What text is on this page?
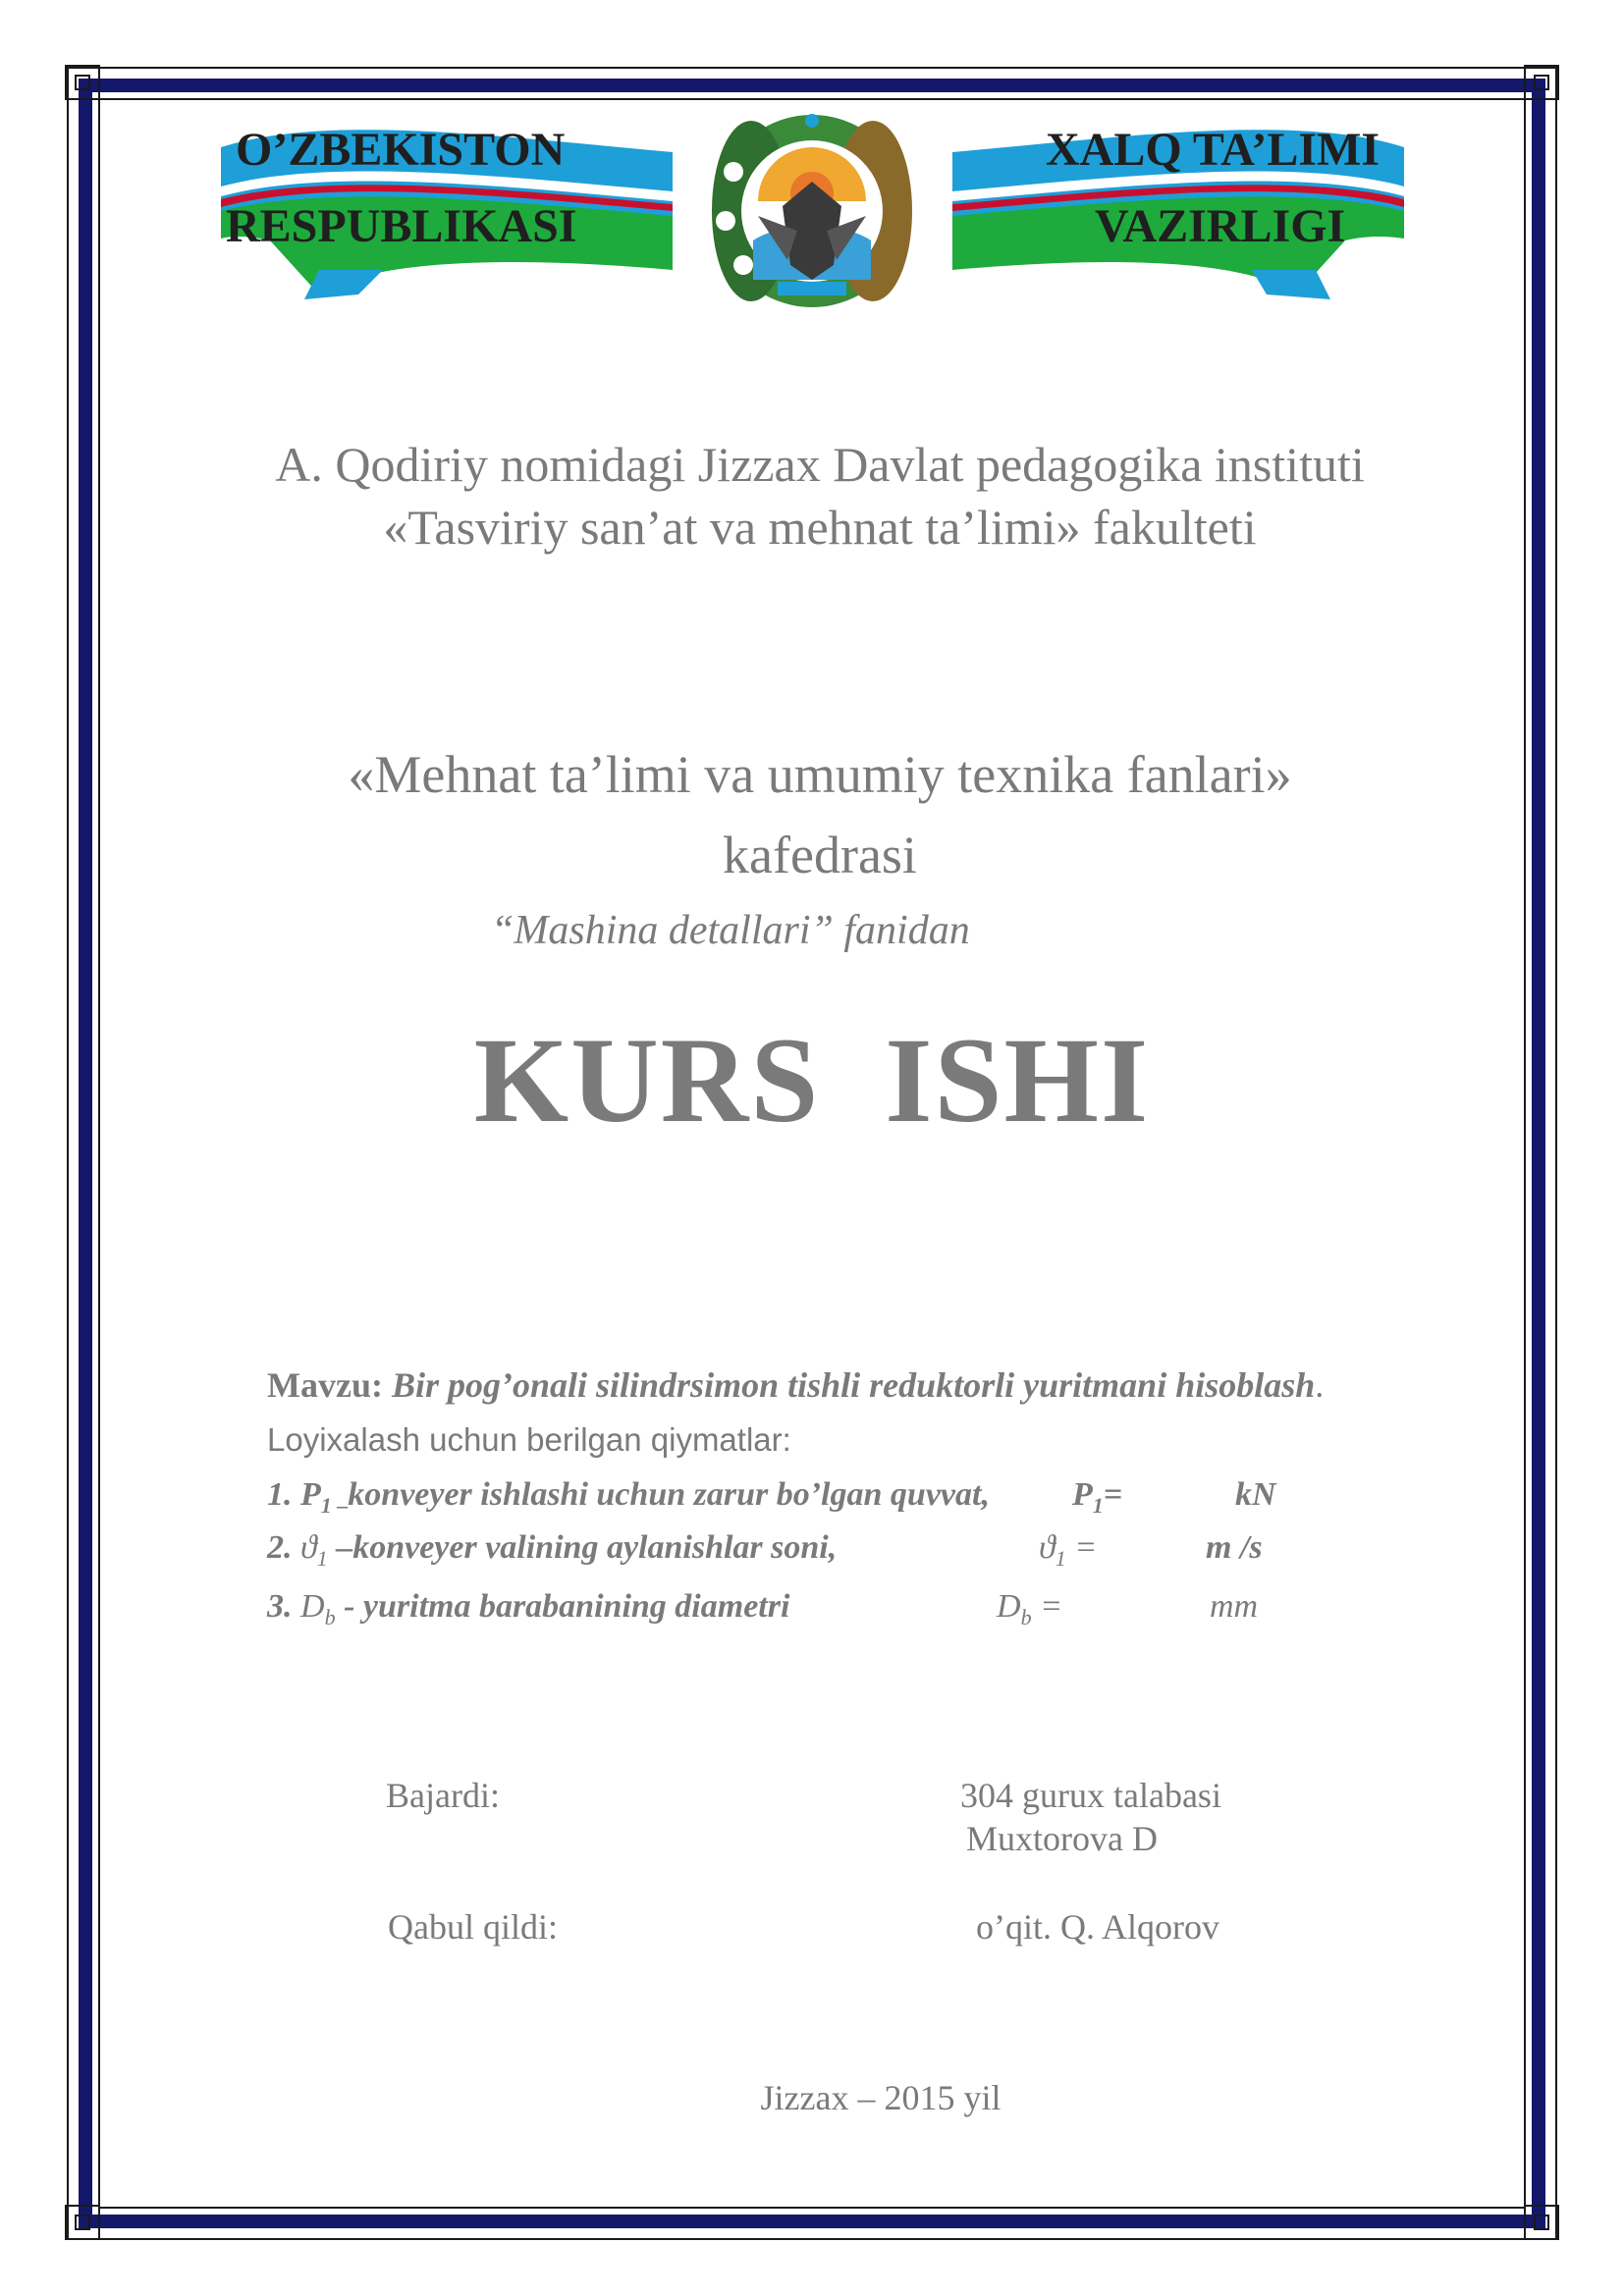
O’ZBEKISTON
RESPUBLIKASI
XALQ TA’LIMI
VAZIRLIGI
A. Qodiriy nomidagi Jizzax Davlat pedagogika instituti
«Tasviriy san’at va mehnat ta’limi» fakulteti
«Mehnat ta’limi va umumiy texnika fanlari»
kafedrasi
“Mashina detallari” fanidan
KURS  ISHI
Mavzu: Bir pog’onali silindrsimon tishli reduktorli yuritmani hisoblash.
Loyixalash uchun berilgan qiymatlar:
1. $P_{1 -}konveyer$ ishlashi uchun zarur bo’lgan quvvat, $P_1=$	kN
2. $ϑ_1$ –konveyer valining aylanishlar soni,	$ϑ_1$ =	m /s
3. $D_b$ - yuritma barabanining diametri	$D_b$ =	mm
Bajardi:	304 gurux talabasi
Muxtorova D
Qabul qildi:	o’qit. Q. Alqorov
Jizzax – 2015 yil
